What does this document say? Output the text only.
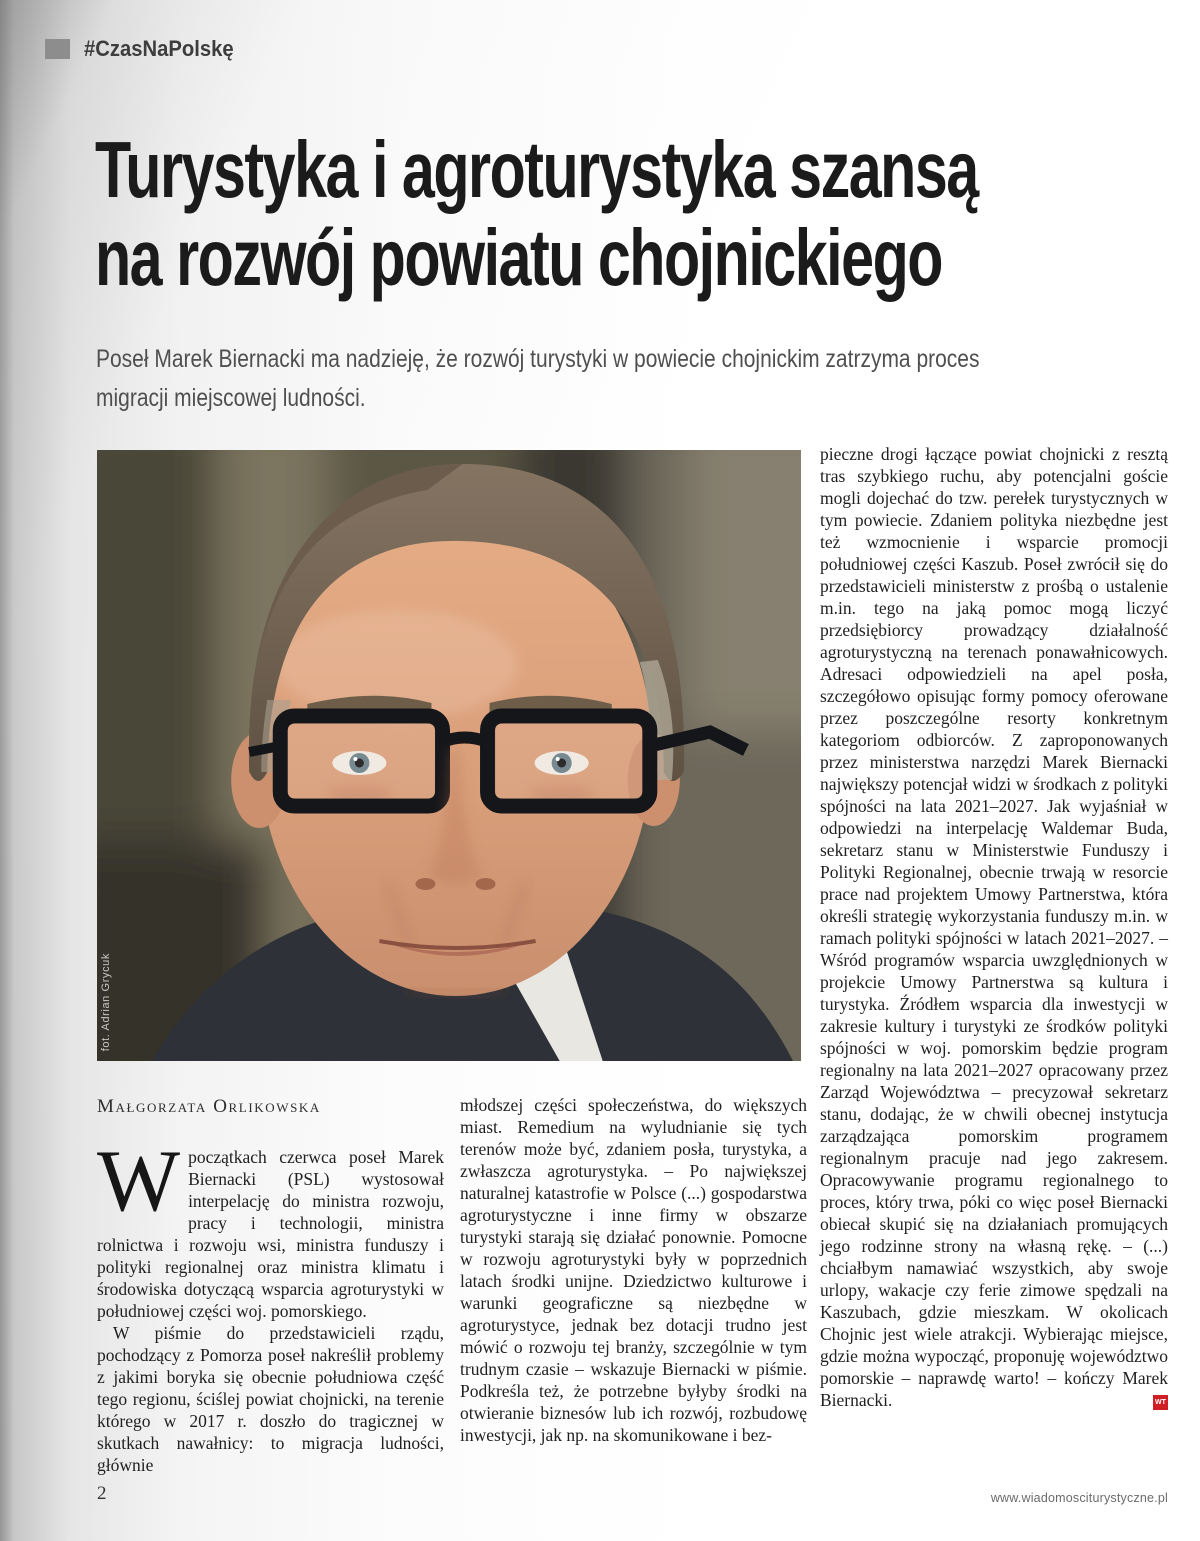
#CzasNaPolskę
Turystyka i agroturystyka szansą
na rozwój powiatu chojnickiego
Poseł Marek Biernacki ma nadzieję, że rozwój turystyki w powiecie chojnickim zatrzyma proces
migracji miejscowej ludności.
fot. Adrian Grycuk
Małgorzata Orlikowska

Wpoczątkach czerwca poseł Marek Biernacki (PSL) wystosował interpelację do ministra rozwoju, pracy i technologii, ministra rolnictwa i rozwoju wsi, ministra funduszy i polityki regionalnej oraz ministra klimatu i środowiska dotyczącą wsparcia agroturystyki w południowej części woj. pomorskiego.

W piśmie do przedstawicieli rządu, pochodzący z Pomorza poseł nakreślił problemy z jakimi boryka się obecnie południowa część tego regionu, ściślej powiat chojnicki, na terenie którego w 2017 r. doszło do tragicznej w skutkach nawałnicy: to migracja ludności, głównie

młodszej części społeczeństwa, do większych miast. Remedium na wyludnianie się tych terenów może być, zdaniem posła, turystyka, a zwłaszcza agroturystyka. – Po największej naturalnej katastrofie w Polsce (...) gospodarstwa agroturystyczne i inne firmy w obszarze turystyki starają się działać ponownie. Pomocne w rozwoju agroturystyki były w poprzednich latach środki unijne. Dziedzictwo kulturowe i warunki geograficzne są niezbędne w agroturystyce, jednak bez dotacji trudno jest mówić o rozwoju tej branży, szczególnie w tym trudnym czasie – wskazuje Biernacki w piśmie. Podkreśla też, że potrzebne byłyby środki na otwieranie biznesów lub ich rozwój, rozbudowę inwestycji, jak np. na skomunikowane i bez-

pieczne drogi łączące powiat chojnicki z resztą tras szybkiego ruchu, aby potencjalni goście mogli dojechać do tzw. perełek turystycznych w tym powiecie. Zdaniem polityka niezbędne jest też wzmocnienie i wsparcie promocji południowej części Kaszub. Poseł zwrócił się do przedstawicieli ministerstw z prośbą o ustalenie m.in. tego na jaką pomoc mogą liczyć przedsiębiorcy prowadzący działalność agroturystyczną na terenach ponawałnicowych. Adresaci odpowiedzieli na apel posła, szczegółowo opisując formy pomocy oferowane przez poszczególne resorty konkretnym kategoriom odbiorców. Z zaproponowanych przez ministerstwa narzędzi Marek Biernacki największy potencjał widzi w środkach z polityki spójności na lata 2021–2027. Jak wyjaśniał w odpowiedzi na interpelację Waldemar Buda, sekretarz stanu w Ministerstwie Funduszy i Polityki Regionalnej, obecnie trwają w resorcie prace nad projektem Umowy Partnerstwa, która określi strategię wykorzystania funduszy m.in. w ramach polityki spójności w latach 2021–2027. – Wśród programów wsparcia uwzględnionych w projekcie Umowy Partnerstwa są kultura i turystyka. Źródłem wsparcia dla inwestycji w zakresie kultury i turystyki ze środków polityki spójności w woj. pomorskim będzie program regionalny na lata 2021–2027 opracowany przez Zarząd Województwa – precyzował sekretarz stanu, dodając, że w chwili obecnej instytucja zarządzająca pomorskim programem regionalnym pracuje nad jego zakresem. Opracowywanie programu regionalnego to proces, który trwa, póki co więc poseł Biernacki obiecał skupić się na działaniach promujących jego rodzinne strony na własną rękę. – (...) chciałbym namawiać wszystkich, aby swoje urlopy, wakacje czy ferie zimowe spędzali na Kaszubach, gdzie mieszkam. W okolicach Chojnic jest wiele atrakcji. Wybierając miejsce, gdzie można wypocząć, proponuję województwo pomorskie – naprawdę warto! – kończy Marek Biernacki.	WT
2	www.wiadomosciturystyczne.pl
